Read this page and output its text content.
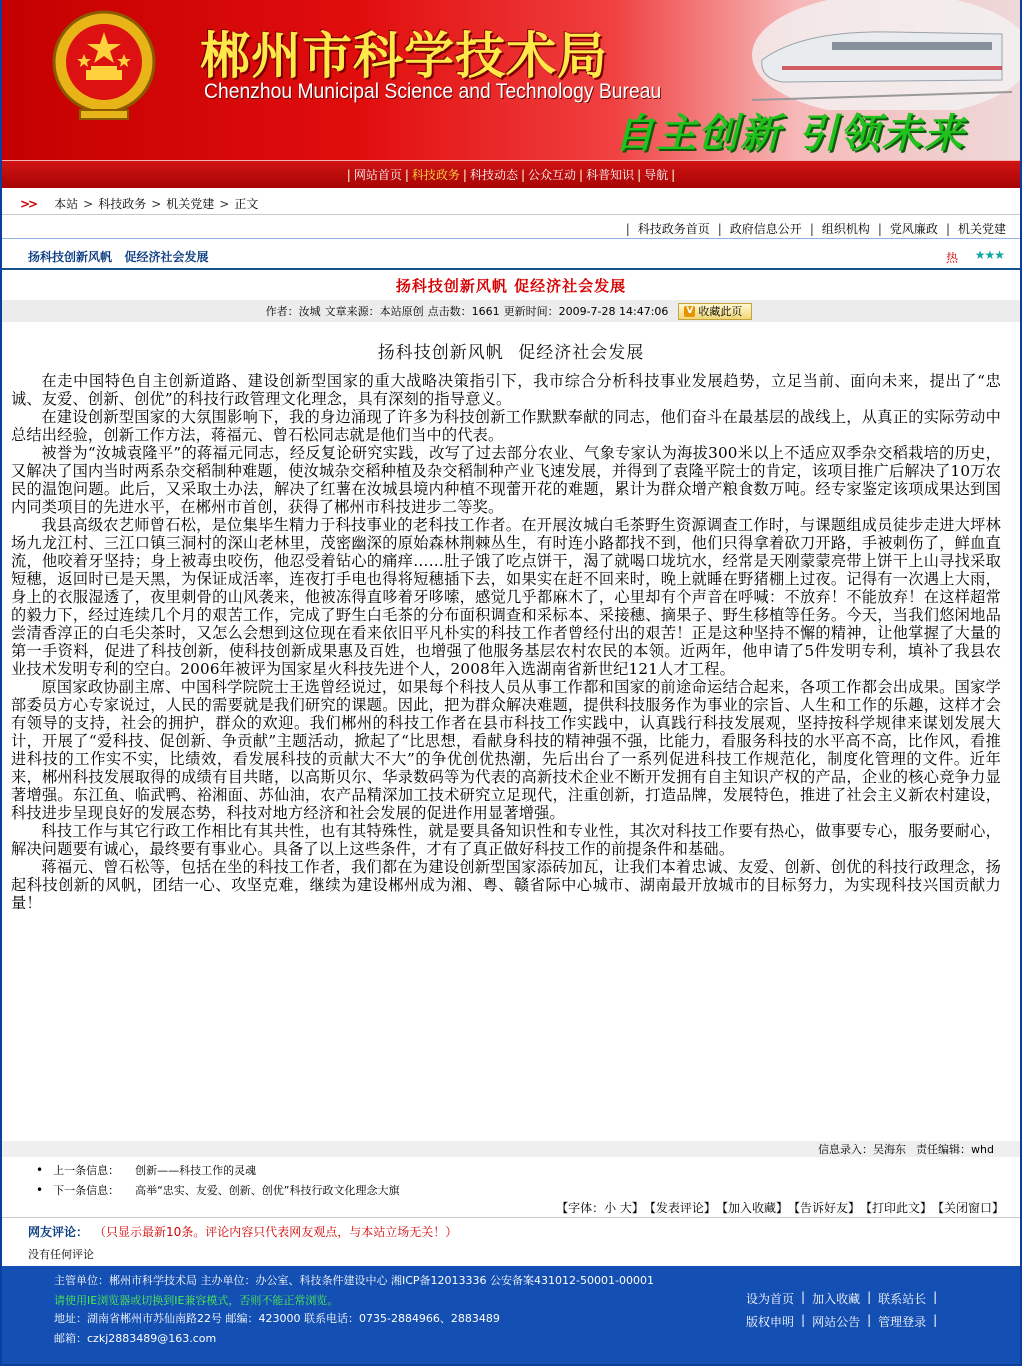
郴州市科学技术局
Chenzhou Municipal Science and Technology Bureau
自主创新 引领未来
| 网站首页 | 科技政务 | 科技动态 | 公众互动 | 科普知识 | 导航 |
>> 本站 > 科技政务 > 机关党建 > 正文
| 科技政务首页 | 政府信息公开 | 组织机构 | 党风廉政 | 机关党建
扬科技创新风帆   促经济社会发展	热 ★★★
扬科技创新风帆 促经济社会发展
作者：汝城 文章来源：本站原创 点击数：1661 更新时间：2009-7-28 14:47:06 V 收藏此页
扬科技创新风帆 促经济社会发展

在走中国特色自主创新道路、建设创新型国家的重大战略决策指引下，我市综合分析科技事业发展趋势，立足当前、面向未来，提出了“忠诚、友爱、创新、创优”的科技行政管理文化理念，具有深刻的指导意义。

在建设创新型国家的大氛围影响下，我的身边涌现了许多为科技创新工作默默奉献的同志，他们奋斗在最基层的战线上，从真正的实际劳动中总结出经验，创新工作方法，蒋福元、曾石松同志就是他们当中的代表。

被誉为“汝城袁隆平”的蒋福元同志，经反复论研究实践，改写了过去部分农业、气象专家认为海拔300米以上不适应双季杂交稻栽培的历史，又解决了国内当时两系杂交稻制种难题，使汝城杂交稻种植及杂交稻制种产业飞速发展，并得到了袁隆平院士的肯定，该项目推广后解决了10万农民的温饱问题。此后，又采取土办法，解决了红薯在汝城县境内种植不现蕾开花的难题，累计为群众增产粮食数万吨。经专家鉴定该项成果达到国内同类项目的先进水平，在郴州市首创，获得了郴州市科技进步二等奖。

我县高级农艺师曾石松，是位集毕生精力于科技事业的老科技工作者。在开展汝城白毛茶野生资源调查工作时，与课题组成员徒步走进大坪林场九龙江村、三江口镇三洞村的深山老林里，茂密幽深的原始森林荆棘丛生，有时连小路都找不到，他们只得拿着砍刀开路，手被刺伤了，鲜血直流，他咬着牙坚持；身上被毒虫咬伤，他忍受着钻心的痛痒……肚子饿了吃点饼干，渴了就喝口垅坑水，经常是天刚蒙蒙亮带上饼干上山寻找采取短穗，返回时已是天黑，为保证成活率，连夜打手电也得将短穗插下去，如果实在赶不回来时，晚上就睡在野猪棚上过夜。记得有一次遇上大雨，身上的衣服湿透了，夜里刺骨的山风袭来，他被冻得直哆着牙哆嗦，感觉几乎都麻木了，心里却有个声音在呼喊：不放弃！不能放弃！在这样超常的毅力下，经过连续几个月的艰苦工作，完成了野生白毛茶的分布面积调查和采标本、采接穗、摘果子、野生移植等任务。今天，当我们悠闲地品尝清香淳正的白毛尖茶时，又怎么会想到这位现在看来依旧平凡朴实的科技工作者曾经付出的艰苦！正是这种坚持不懈的精神，让他掌握了大量的第一手资料，促进了科技创新，使科技创新成果惠及百姓，也增强了他服务基层农村农民的本领。近两年，他申请了5件发明专利，填补了我县农业技术发明专利的空白。2006年被评为国家星火科技先进个人，2008年入选湖南省新世纪121人才工程。

原国家政协副主席、中国科学院院士王选曾经说过，如果每个科技人员从事工作都和国家的前途命运结合起来，各项工作都会出成果。国家学部委员方心专家说过，人民的需要就是我们研究的课题。因此，把为群众解决难题，提供科技服务作为事业的宗旨、人生和工作的乐趣，这样才会有领导的支持，社会的拥护，群众的欢迎。我们郴州的科技工作者在县市科技工作实践中，认真践行科技发展观，坚持按科学规律来谋划发展大计，开展了“爱科技、促创新、争贡献”主题活动，掀起了“比思想，看献身科技的精神强不强，比能力，看服务科技的水平高不高，比作风，看推进科技的工作实不实，比绩效，看发展科技的贡献大不大”的争优创优热潮，先后出台了一系列促进科技工作规范化，制度化管理的文件。近年来，郴州科技发展取得的成绩有目共睹，以高斯贝尔、华录数码等为代表的高新技术企业不断开发拥有自主知识产权的产品，企业的核心竞争力显著增强。东江鱼、临武鸭、裕湘面、苏仙油，农产品精深加工技术研究立足现代，注重创新，打造品牌，发展特色，推进了社会主义新农村建设，科技进步呈现良好的发展态势，科技对地方经济和社会发展的促进作用显著增强。

科技工作与其它行政工作相比有其共性，也有其特殊性，就是要具备知识性和专业性，其次对科技工作要有热心，做事要专心，服务要耐心，解决问题要有诚心，最终要有事业心。具备了以上这些条件，才有了真正做好科技工作的前提条件和基础。

蒋福元、曾石松等，包括在坐的科技工作者，我们都在为建设创新型国家添砖加瓦，让我们本着忠诚、友爱、创新、创优的科技行政理念，扬起科技创新的风帆，团结一心、攻坚克难，继续为建设郴州成为湘、粤、赣省际中心城市、湖南最开放城市的目标努力，为实现科技兴国贡献力量！

信息录入：吴海东 责任编辑：whd
• 上一条信息： 创新——科技工作的灵魂
• 下一条信息： 高举“忠实、友爱、创新、创优”科技行政文化理念大旗
【字体：小 大】 【发表评论】 【加入收藏】 【告诉好友】 【打印此文】 【关闭窗口】
网友评论： （只显示最新10条。评论内容只代表网友观点，与本站立场无关！）
没有任何评论
主管单位：郴州市科学技术局 主办单位：办公室、科技条件建设中心 湘ICP备12013336 公安备案431012-50001-00001
请使用IE浏览器或切换到IE兼容模式，否则不能正常浏览。
地址：湖南省郴州市苏仙南路22号 邮编：423000 联系电话：0735-2884966、2883489
邮箱：czkj2883489@163.com
设为首页 | 加入收藏 | 联系站长 |
版权申明 | 网站公告 | 管理登录 |
